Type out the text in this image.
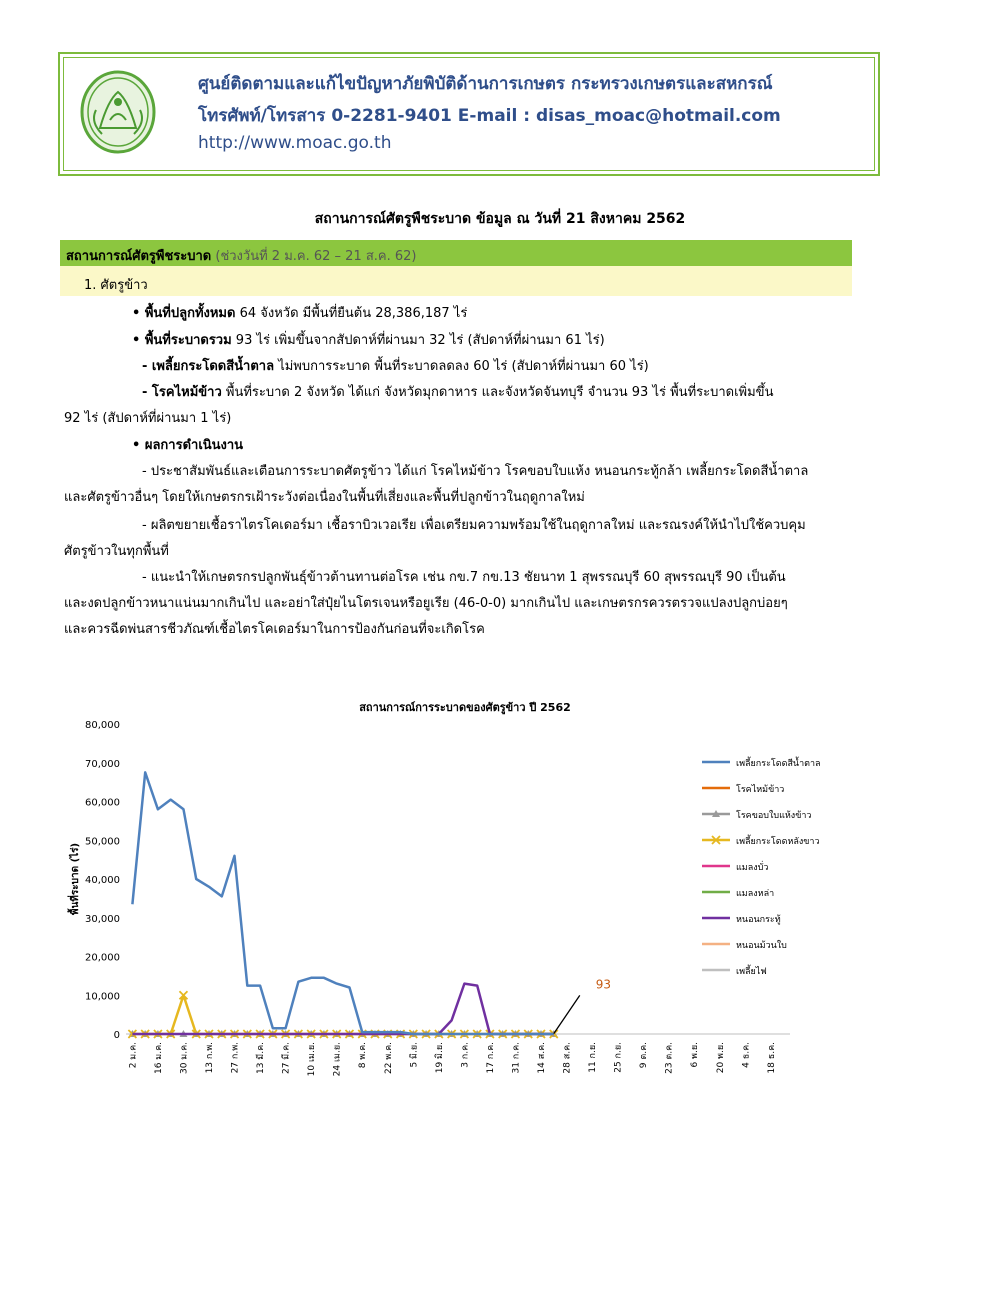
ศูนย์ติดตามและแก้ไขปัญหาภัยพิบัติด้านการเกษตร กระทรวงเกษตรและสหกรณ์
โทรศัพท์/โทรสาร 0-2281-9401 E-mail : disas_moac@hotmail.com
http://www.moac.go.th
สถานการณ์ศัตรูพืชระบาด ข้อมูล ณ วันที่ 21 สิงหาคม 2562
สถานการณ์ศัตรูพืชระบาด (ช่วงวันที่ 2 ม.ค. 62 – 21 ส.ค. 62)
1. ศัตรูข้าว
• พื้นที่ปลูกทั้งหมด 64 จังหวัด มีพื้นที่ยืนต้น 28,386,187 ไร่
• พื้นที่ระบาดรวม 93 ไร่ เพิ่มขึ้นจากสัปดาห์ที่ผ่านมา 32 ไร่ (สัปดาห์ที่ผ่านมา 61 ไร่)
- เพลี้ยกระโดดสีน้ำตาล ไม่พบการระบาด พื้นที่ระบาดลดลง 60 ไร่ (สัปดาห์ที่ผ่านมา 60 ไร่)
- โรคไหม้ข้าว พื้นที่ระบาด 2 จังหวัด ได้แก่ จังหวัดมุกดาหาร และจังหวัดจันทบุรี จำนวน 93 ไร่ พื้นที่ระบาดเพิ่มขึ้น
92 ไร่ (สัปดาห์ที่ผ่านมา 1 ไร่)
• ผลการดำเนินงาน
- ประชาสัมพันธ์และเตือนการระบาดศัตรูข้าว ได้แก่ โรคไหม้ข้าว โรคขอบใบแห้ง หนอนกระทู้กล้า เพลี้ยกระโดดสีน้ำตาล
และศัตรูข้าวอื่นๆ โดยให้เกษตรกรเฝ้าระวังต่อเนื่องในพื้นที่เสี่ยงและพื้นที่ปลูกข้าวในฤดูกาลใหม่
- ผลิตขยายเชื้อราไตรโคเดอร์มา เชื้อราบิวเวอเรีย เพื่อเตรียมความพร้อมใช้ในฤดูกาลใหม่ และรณรงค์ให้นำไปใช้ควบคุม
ศัตรูข้าวในทุกพื้นที่
- แนะนำให้เกษตรกรปลูกพันธุ์ข้าวต้านทานต่อโรค เช่น กข.7 กข.13 ชัยนาท 1 สุพรรณบุรี 60 สุพรรณบุรี 90 เป็นต้น
และงดปลูกข้าวหนาแน่นมากเกินไป และอย่าใส่ปุ๋ยไนโตรเจนหรือยูเรีย (46-0-0) มากเกินไป และเกษตรกรควรตรวจแปลงปลูกบ่อยๆ
และควรฉีดพ่นสารชีวภัณฑ์เชื้อไตรโคเดอร์มาในการป้องกันก่อนที่จะเกิดโรค
สถานการณ์การระบาดของศัตรูข้าว ปี 2562
0
10,000
20,000
30,000
40,000
50,000
60,000
70,000
80,000
พื้นที่ระบาด (ไร่)
2 ม.ค. 16 ม.ค. 30 ม.ค. 13 ก.พ. 27 ก.พ. 13 มี.ค. 27 มี.ค. 10 เม.ย. 24 เม.ย. 8 พ.ค. 22 พ.ค. 5 มิ.ย. 19 มิ.ย. 3 ก.ค. 17 ก.ค. 31 ก.ค. 14 ส.ค. 28 ส.ค. 11 ก.ย. 25 ก.ย. 9 ต.ค. 23 ต.ค. 6 พ.ย. 20 พ.ย. 4 ธ.ค. 18 ธ.ค.
93
เพลี้ยกระโดดสีน้ำตาล
โรคไหม้ข้าว
โรคขอบใบแห้งข้าว
เพลี้ยกระโดดหลังขาว
แมลงบั่ว
แมลงหล่า
หนอนกระทู้
หนอนม้วนใบ
เพลี้ยไฟ
